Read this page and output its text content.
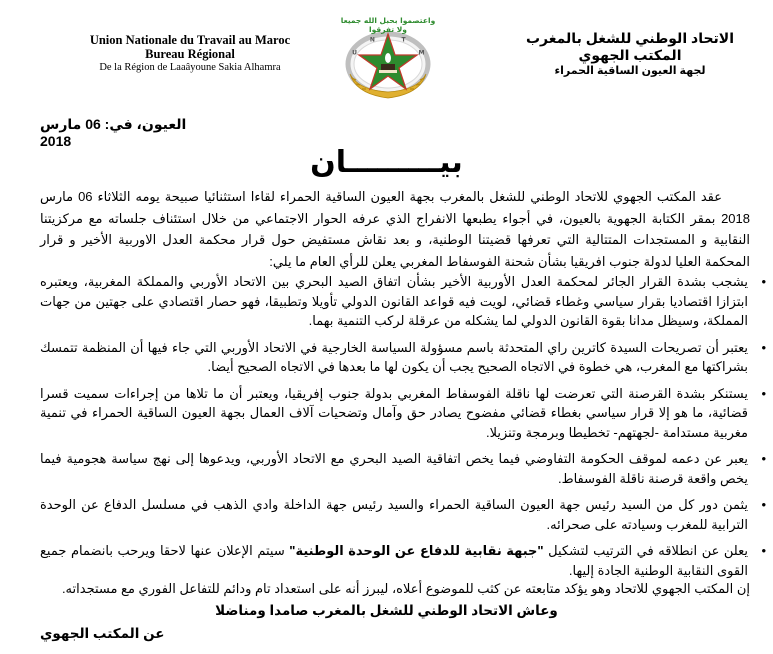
Union Nationale du Travail au Maroc
Bureau Régional
De la Région de Laaâyoune Sakia Alhamra
واعتصموا بحبل الله جميعا ولا تفرقوا
U
N	T
M
الاتحاد الوطني للشغل بالمغرب
المكتب الجهوي
لجهة العيون الساقية الحمراء
العيون، في: 06 مارس 2018
بيـــــــــان
عقد المكتب الجهوي للاتحاد الوطني للشغل بالمغرب بجهة العيون الساقية الحمراء لقاءا استثنائيا صبيحة يومه الثلاثاء 06 مارس 2018 بمقر الكتابة الجهوية بالعيون، في أجواء يطبعها الانفراج الذي عرفه الحوار الاجتماعي من خلال استئناف جلساته مع مركزيتنا النقابية و المستجدات المتتالية التي تعرفها قضيتنا الوطنية، و بعد نقاش مستفيض حول قرار محكمة العدل الاوربية الأخير و قرار المحكمة العليا لدولة جنوب افريقيا بشأن شحنة الفوسفاط المغربي يعلن للرأي العام ما يلي:
•
يشجب بشدة القرار الجائر لمحكمة العدل الأوربية الأخير بشأن اتفاق الصيد البحري بين الاتحاد الأوربي والمملكة المغربية، ويعتبره ابتزازا اقتصاديا بقرار سياسي وغطاء قضائي، لويت فيه قواعد القانون الدولي تأويلا وتطبيقا، فهو حصار اقتصادي على جهتين من جهات المملكة، وسيظل مدانا بقوة القانون الدولي لما يشكله من عرقلة لركب التنمية بهما.
•
يعتبر أن تصريحات السيدة كاترين راي المتحدثة باسم مسؤولة السياسة الخارجية في الاتحاد الأوربي التي جاء فيها أن المنظمة تتمسك بشراكتها مع المغرب، هي خطوة في الاتجاه الصحيح يجب أن يكون لها ما بعدها في الاتجاه الصحيح أيضا.
•
يستنكر بشدة القرصنة التي تعرضت لها ناقلة الفوسفاط المغربي بدولة جنوب إفريقيا، ويعتبر أن ما تلاها من إجراءات سميت قسرا قضائية، ما هو إلا قرار سياسي بغطاء قضائي مفضوح يصادر حق وآمال وتضحيات آلاف العمال بجهة العيون الساقية الحمراء في تنمية مغربية مستدامة -لجهتهم- تخطيطا وبرمجة وتنزيلا.
•
يعبر عن دعمه لموقف الحكومة التفاوضي فيما يخص اتفاقية الصيد البحري مع الاتحاد الأوربي، ويدعوها إلى نهج سياسة هجومية فيما يخص واقعة قرصنة ناقلة الفوسفاط.
•
يثمن دور كل من السيد رئيس جهة العيون الساقية الحمراء والسيد رئيس جهة الداخلة وادي الذهب في مسلسل الدفاع عن الوحدة الترابية للمغرب وسيادته على صحرائه.
•
يعلن عن انطلاقه في الترتيب لتشكيل "جبهة نقابية للدفاع عن الوحدة الوطنية" سيتم الإعلان عنها لاحقا ويرحب بانضمام جميع القوى النقابية الوطنية الجادة إليها.
إن المكتب الجهوي للاتحاد وهو يؤكد متابعته عن كثب للموضوع أعلاه، ليبرز أنه على استعداد تام ودائم للتفاعل الفوري مع مستجداته.
وعاش الاتحاد الوطني للشغل بالمغرب صامدا ومناضلا
عن المكتب الجهوي
